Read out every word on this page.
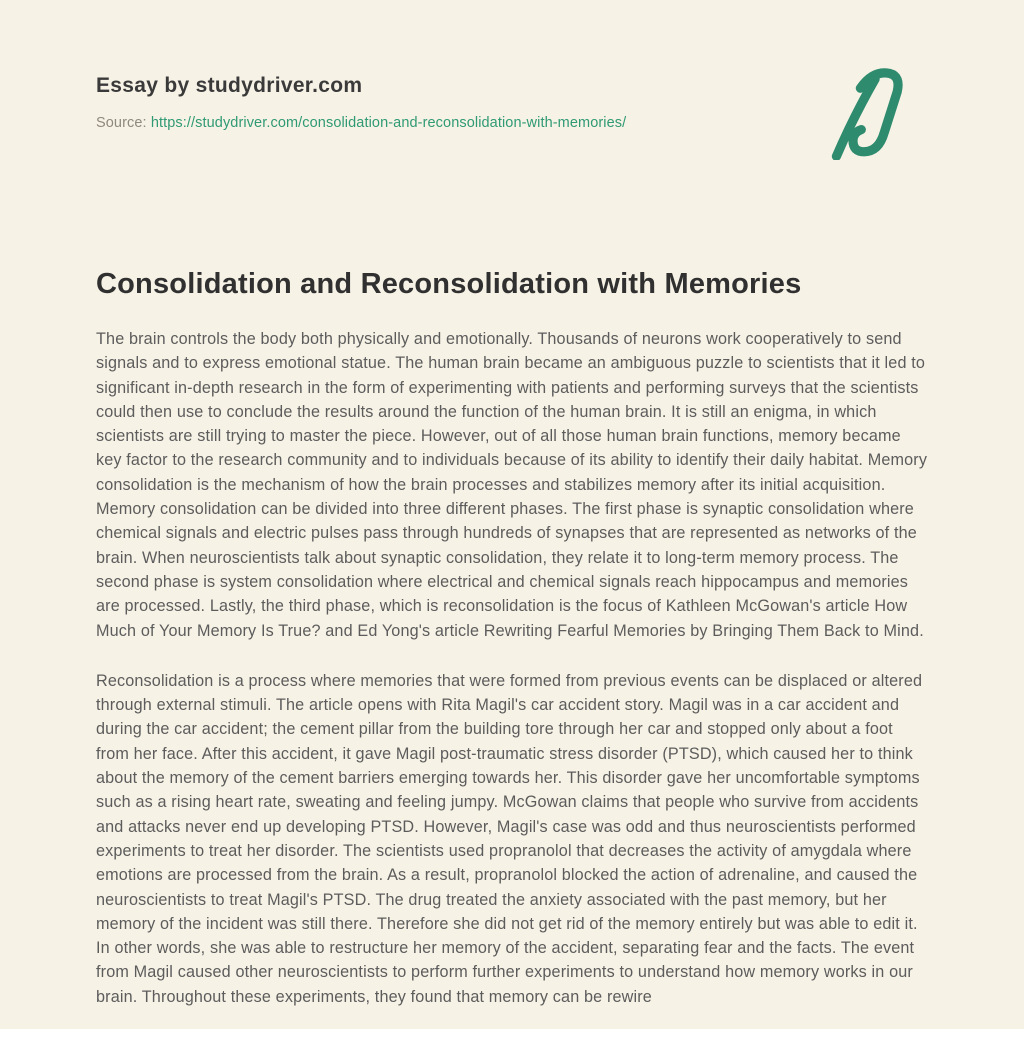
Essay by studydriver.com
Source: https://studydriver.com/consolidation-and-reconsolidation-with-memories/
Consolidation and Reconsolidation with Memories

The brain controls the body both physically and emotionally. Thousands of neurons work cooperatively to send signals and to express emotional statue. The human brain became an ambiguous puzzle to scientists that it led to significant in-depth research in the form of experimenting with patients and performing surveys that the scientists could then use to conclude the results around the function of the human brain. It is still an enigma, in which scientists are still trying to master the piece. However, out of all those human brain functions, memory became key factor to the research community and to individuals because of its ability to identify their daily habitat. Memory consolidation is the mechanism of how the brain processes and stabilizes memory after its initial acquisition. Memory consolidation can be divided into three different phases. The first phase is synaptic consolidation where chemical signals and electric pulses pass through hundreds of synapses that are represented as networks of the brain. When neuroscientists talk about synaptic consolidation, they relate it to long-term memory process. The second phase is system consolidation where electrical and chemical signals reach hippocampus and memories are processed. Lastly, the third phase, which is reconsolidation is the focus of Kathleen McGowan's article How Much of Your Memory Is True? and Ed Yong's article Rewriting Fearful Memories by Bringing Them Back to Mind.

Reconsolidation is a process where memories that were formed from previous events can be displaced or altered through external stimuli. The article opens with Rita Magil's car accident story. Magil was in a car accident and during the car accident; the cement pillar from the building tore through her car and stopped only about a foot from her face. After this accident, it gave Magil post-traumatic stress disorder (PTSD), which caused her to think about the memory of the cement barriers emerging towards her. This disorder gave her uncomfortable symptoms such as a rising heart rate, sweating and feeling jumpy. McGowan claims that people who survive from accidents and attacks never end up developing PTSD. However, Magil's case was odd and thus neuroscientists performed experiments to treat her disorder. The scientists used propranolol that decreases the activity of amygdala where emotions are processed from the brain. As a result, propranolol blocked the action of adrenaline, and caused the neuroscientists to treat Magil's PTSD. The drug treated the anxiety associated with the past memory, but her memory of the incident was still there. Therefore she did not get rid of the memory entirely but was able to edit it. In other words, she was able to restructure her memory of the accident, separating fear and the facts. The event from Magil caused other neuroscientists to perform further experiments to understand how memory works in our brain. Throughout these experiments, they found that memory can be rewire
